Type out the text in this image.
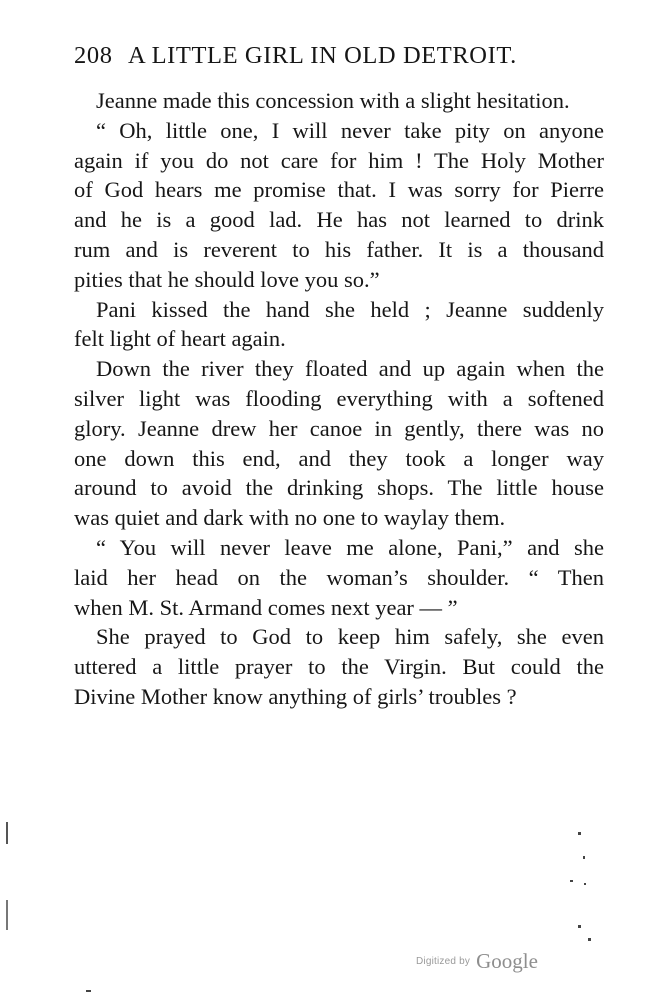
208 A LITTLE GIRL IN OLD DETROIT.
Jeanne made this concession with a slight hesitation.
“ Oh, little one, I will never take pity on anyone
again if you do not care for him ! The Holy Mother
of God hears me promise that. I was sorry for Pierre
and he is a good lad. He has not learned to drink
rum and is reverent to his father. It is a thousand
pities that he should love you so.”
Pani kissed the hand she held ; Jeanne suddenly
felt light of heart again.
Down the river they floated and up again when the
silver light was flooding everything with a softened
glory. Jeanne drew her canoe in gently, there was no
one down this end, and they took a longer way
around to avoid the drinking shops. The little house
was quiet and dark with no one to waylay them.
“ You will never leave me alone, Pani,” and she
laid her head on the woman’s shoulder. “ Then
when M. St. Armand comes next year — ”
She prayed to God to keep him safely, she even
uttered a little prayer to the Virgin. But could the
Divine Mother know anything of girls’ troubles ?
Digitized by Google
